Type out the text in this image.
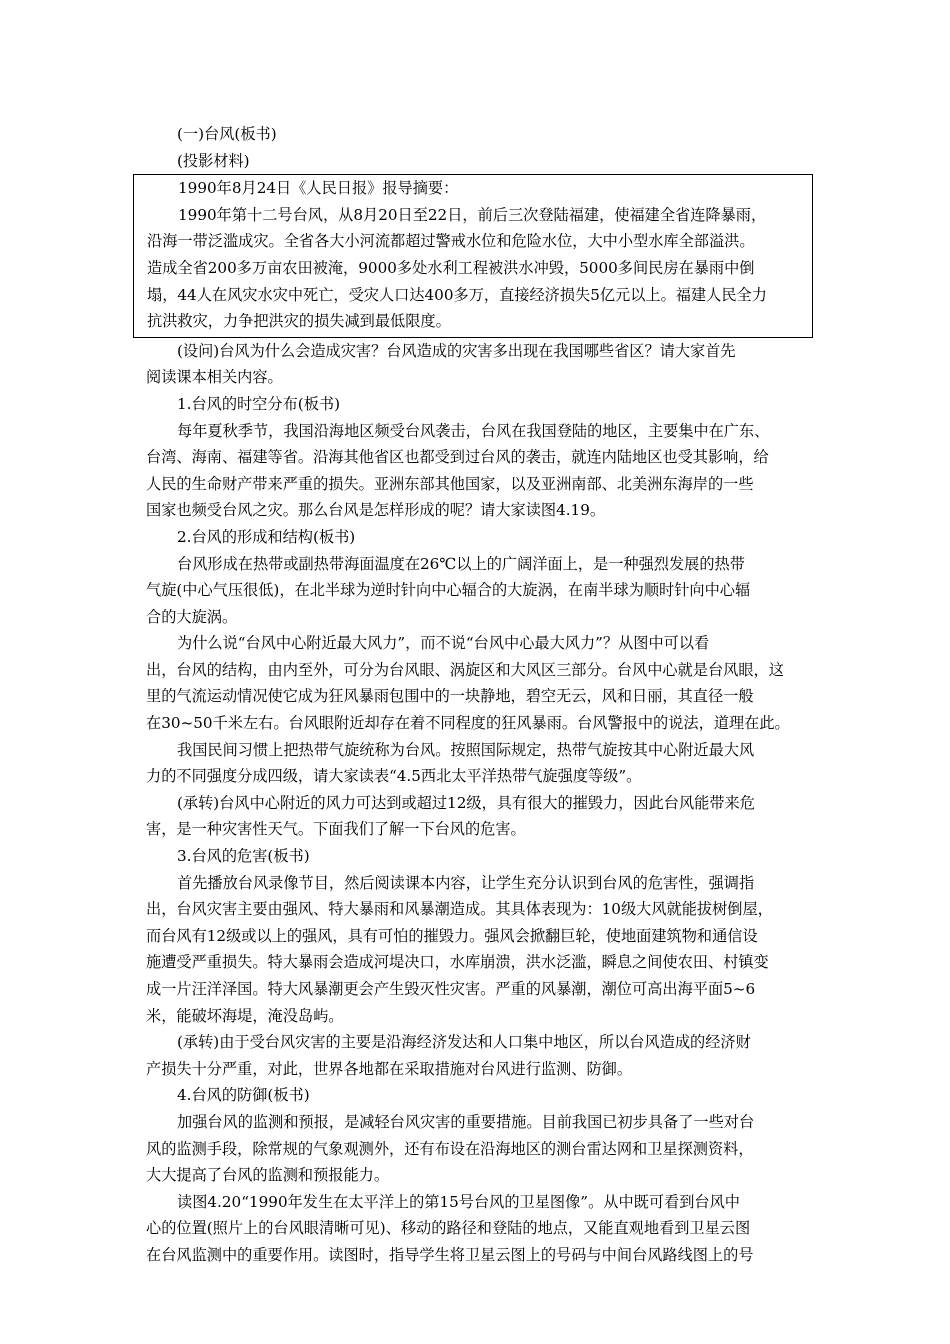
(一)台风(板书)
(投影材料)
1990年8月24日《人民日报》报导摘要：
1990年第十二号台风，从8月20日至22日，前后三次登陆福建，使福建全省连降暴雨，
沿海一带泛滥成灾。全省各大小河流都超过警戒水位和危险水位，大中小型水库全部溢洪。
造成全省200多万亩农田被淹，9000多处水利工程被洪水冲毁，5000多间民房在暴雨中倒
塌，44人在风灾水灾中死亡，受灾人口达400多万，直接经济损失5亿元以上。福建人民全力
抗洪救灾，力争把洪灾的损失减到最低限度。
(设问)台风为什么会造成灾害？台风造成的灾害多出现在我国哪些省区？请大家首先
阅读课本相关内容。
1.台风的时空分布(板书)
每年夏秋季节，我国沿海地区频受台风袭击，台风在我国登陆的地区，主要集中在广东、
台湾、海南、福建等省。沿海其他省区也都受到过台风的袭击，就连内陆地区也受其影响，给
人民的生命财产带来严重的损失。亚洲东部其他国家，以及亚洲南部、北美洲东海岸的一些
国家也频受台风之灾。那么台风是怎样形成的呢？请大家读图4.19。
2.台风的形成和结构(板书)
台风形成在热带或副热带海面温度在26℃以上的广阔洋面上，是一种强烈发展的热带
气旋(中心气压很低)，在北半球为逆时针向中心辐合的大旋涡，在南半球为顺时针向中心辐
合的大旋涡。
为什么说“台风中心附近最大风力”，而不说“台风中心最大风力”？从图中可以看
出，台风的结构，由内至外，可分为台风眼、涡旋区和大风区三部分。台风中心就是台风眼，这
里的气流运动情况使它成为狂风暴雨包围中的一块静地，碧空无云，风和日丽，其直径一般
在30~50千米左右。台风眼附近却存在着不同程度的狂风暴雨。台风警报中的说法，道理在此。
我国民间习惯上把热带气旋统称为台风。按照国际规定，热带气旋按其中心附近最大风
力的不同强度分成四级，请大家读表“4.5西北太平洋热带气旋强度等级”。
(承转)台风中心附近的风力可达到或超过12级，具有很大的摧毁力，因此台风能带来危
害，是一种灾害性天气。下面我们了解一下台风的危害。
3.台风的危害(板书)
首先播放台风录像节目，然后阅读课本内容，让学生充分认识到台风的危害性，强调指
出，台风灾害主要由强风、特大暴雨和风暴潮造成。其具体表现为：10级大风就能拔树倒屋，
而台风有12级或以上的强风，具有可怕的摧毁力。强风会掀翻巨轮，使地面建筑物和通信设
施遭受严重损失。特大暴雨会造成河堤决口，水库崩溃，洪水泛滥，瞬息之间使农田、村镇变
成一片汪洋泽国。特大风暴潮更会产生毁灭性灾害。严重的风暴潮，潮位可高出海平面5~6
米，能破坏海堤，淹没岛屿。
(承转)由于受台风灾害的主要是沿海经济发达和人口集中地区，所以台风造成的经济财
产损失十分严重，对此，世界各地都在采取措施对台风进行监测、防御。
4.台风的防御(板书)
加强台风的监测和预报，是减轻台风灾害的重要措施。目前我国已初步具备了一些对台
风的监测手段，除常规的气象观测外，还有布设在沿海地区的测台雷达网和卫星探测资料，
大大提高了台风的监测和预报能力。
读图4.20“1990年发生在太平洋上的第15号台风的卫星图像”。从中既可看到台风中
心的位置(照片上的台风眼清晰可见)、移动的路径和登陆的地点，又能直观地看到卫星云图
在台风监测中的重要作用。读图时，指导学生将卫星云图上的号码与中间台风路线图上的号
